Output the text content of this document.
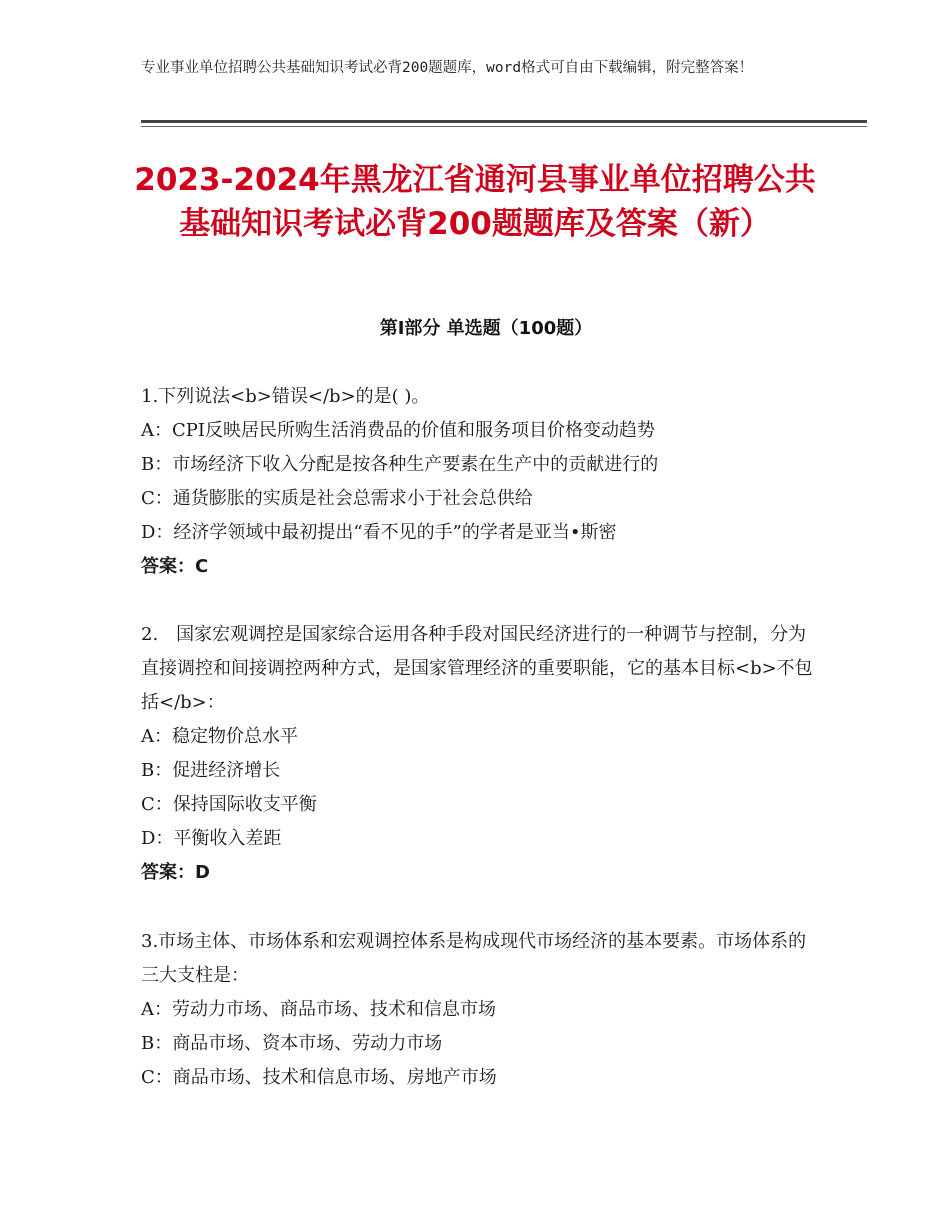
专业事业单位招聘公共基础知识考试必背200题题库，word格式可自由下载编辑，附完整答案！
2023-2024年黑龙江省通河县事业单位招聘公共基础知识考试必背200题题库及答案（新）
第Ⅰ部分 单选题（100题）

1.下列说法<b>错误</b>的是( )。

A：CPI反映居民所购生活消费品的价值和服务项目价格变动趋势

B：市场经济下收入分配是按各种生产要素在生产中的贡献进行的

C：通货膨胀的实质是社会总需求小于社会总供给

D：经济学领域中最初提出“看不见的手”的学者是亚当•斯密

答案：C

2.　国家宏观调控是国家综合运用各种手段对国民经济进行的一种调节与控制，分为直接调控和间接调控两种方式，是国家管理经济的重要职能，它的基本目标<b>不包括</b>：

A：稳定物价总水平

B：促进经济增长

C：保持国际收支平衡

D：平衡收入差距

答案：D

3.市场主体、市场体系和宏观调控体系是构成现代市场经济的基本要素。市场体系的三大支柱是：

A：劳动力市场、商品市场、技术和信息市场

B：商品市场、资本市场、劳动力市场

C：商品市场、技术和信息市场、房地产市场
